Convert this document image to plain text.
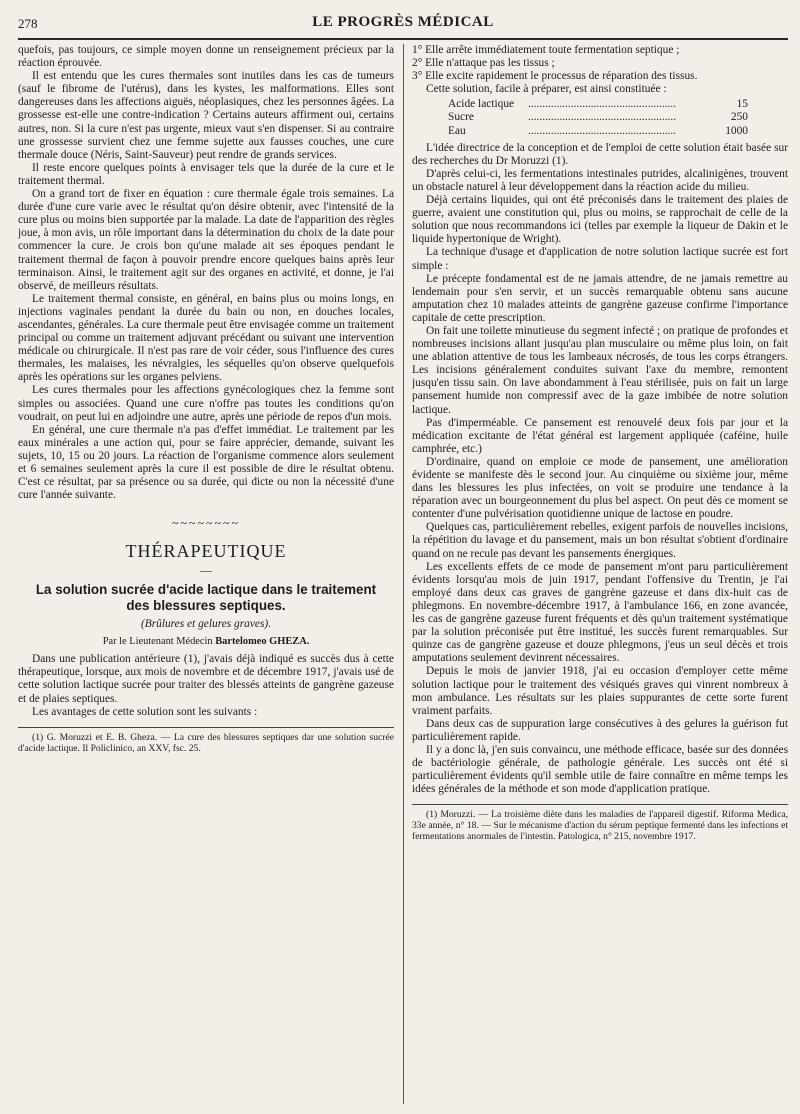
278	LE PROGRÈS MÉDICAL

quefois, pas toujours, ce simple moyen donne un renseignement précieux par la réaction éprouvée.

Il est entendu que les cures thermales sont inutiles dans les cas de tumeurs (sauf le fibrome de l'utérus), dans les kystes, les malformations. Elles sont dangereuses dans les affections aiguës, néoplasiques, chez les personnes âgées. La grossesse est-elle une contre-indication ? Certains auteurs affirment oui, certains autres, non. Si la cure n'est pas urgente, mieux vaut s'en dispenser. Si au contraire une grossesse survient chez une femme sujette aux fausses couches, une cure thermale douce (Néris, Saint-Sauveur) peut rendre de grands services.

Il reste encore quelques points à envisager tels que la durée de la cure et le traitement thermal.

On a grand tort de fixer en équation : cure thermale égale trois semaines. La durée d'une cure varie avec le résultat qu'on désire obtenir, avec l'intensité de la cure plus ou moins bien supportée par la malade. La date de l'apparition des règles joue, à mon avis, un rôle important dans la détermination du choix de la date pour commencer la cure. Je crois bon qu'une malade ait ses époques pendant le traitement thermal de façon à pouvoir prendre encore quelques bains après leur terminaison. Ainsi, le traitement agit sur des organes en activité, et donne, je l'ai observé, de meilleurs résultats.

Le traitement thermal consiste, en général, en bains plus ou moins longs, en injections vaginales pendant la durée du bain ou non, en douches locales, ascendantes, générales. La cure thermale peut être envisagée comme un traitement principal ou comme un traitement adjuvant précédant ou suivant une intervention médicale ou chirurgicale. Il n'est pas rare de voir céder, sous l'influence des cures thermales, les malaises, les névralgies, les séquelles qu'on observe quelquefois après les opérations sur les organes pelviens.

Les cures thermales pour les affections gynécologiques chez la femme sont simples ou associées. Quand une cure n'offre pas toutes les conditions qu'on voudrait, on peut lui en adjoindre une autre, après une période de repos d'un mois.

En général, une cure thermale n'a pas d'effet immédiat. Le traitement par les eaux minérales a une action qui, pour se faire apprécier, demande, suivant les sujets, 10, 15 ou 20 jours. La réaction de l'organisme commence alors seulement et 6 semaines seulement après la cure il est possible de dire le résultat obtenu. C'est ce résultat, par sa présence ou sa durée, qui dicte ou non la nécessité d'une cure l'année suivante.

~~~~~~~~
THÉRAPEUTIQUE
—
La solution sucrée d'acide lactique dans le traitement des blessures septiques.
(Brûlures et gelures graves).
Par le Lieutenant Médecin Bartelomeo GHEZA.

Dans une publication antérieure (1), j'avais déjà indiqué es succès dus à cette thérapeutique, lorsque, aux mois de novembre et de décembre 1917, j'avais usé de cette solution lactique sucrée pour traiter des blessés atteints de gangrène gazeuse et de plaies septiques.

Les avantages de cette solution sont les suivants :

(1) G. Moruzzi et E. B. Gheza. — La cure des blessures septiques dar une solution sucrée d'acide lactique. Il Policlinico, an XXV, fsc. 25.

1° Elle arrête immédiatement toute fermentation septique ;
2° Elle n'attaque pas les tissus ;
3° Elle excite rapidement le processus de réparation des tissus.

Cette solution, facile à préparer, est ainsi constituée :

Acide lactique	....................................................	15
Sucre	....................................................	250
Eau	....................................................	1000

L'idée directrice de la conception et de l'emploi de cette solution était basée sur des recherches du Dr Moruzzi (1).

D'après celui-ci, les fermentations intestinales putrides, alcalinigènes, trouvent un obstacle naturel à leur développement dans la réaction acide du milieu.

Déjà certains liquides, qui ont été préconisés dans le traitement des plaies de guerre, avaient une constitution qui, plus ou moins, se rapprochait de celle de la solution que nous recommandons ici (telles par exemple la liqueur de Dakin et le liquide hypertonique de Wright).

La technique d'usage et d'application de notre solution lactique sucrée est fort simple :

Le précepte fondamental est de ne jamais attendre, de ne jamais remettre au lendemain pour s'en servir, et un succès remarquable obtenu sans aucune amputation chez 10 malades atteints de gangrène gazeuse confirme l'importance capitale de cette prescription.

On fait une toilette minutieuse du segment infecté ; on pratique de profondes et nombreuses incisions allant jusqu'au plan musculaire ou même plus loin, on fait une ablation attentive de tous les lambeaux nécrosés, de tous les corps étrangers. Les incisions généralement conduites suivant l'axe du membre, remontent jusqu'en tissu sain. On lave abondamment à l'eau stérilisée, puis on fait un large pansement humide non compressif avec de la gaze imbibée de notre solution lactique.

Pas d'imperméable. Ce pansement est renouvelé deux fois par jour et la médication excitante de l'état général est largement appliquée (caféine, huile camphrée, etc.)

D'ordinaire, quand on emploie ce mode de pansement, une amélioration évidente se manifeste dès le second jour. Au cinquième ou sixième jour, même dans les blessures les plus infectées, on voit se produire une tendance à la réparation avec un bourgeonnement du plus bel aspect. On peut dès ce moment se contenter d'une pulvérisation quotidienne unique de lactose en poudre.

Quelques cas, particulièrement rebelles, exigent parfois de nouvelles incisions, la répétition du lavage et du pansement, mais un bon résultat s'obtient d'ordinaire quand on ne recule pas devant les pansements énergiques.

Les excellents effets de ce mode de pansement m'ont paru particulièrement évidents lorsqu'au mois de juin 1917, pendant l'offensive du Trentin, je l'ai employé dans deux cas graves de gangrène gazeuse et dans dix-huit cas de phlegmons. En novembre-décembre 1917, à l'ambulance 166, en zone avancée, les cas de gangrène gazeuse furent fréquents et dès qu'un traitement systématique par la solution préconisée put être institué, les succès furent remarquables. Sur quinze cas de gangrène gazeuse et douze phlegmons, j'eus un seul décès et trois amputations seulement devinrent nécessaires.

Depuis le mois de janvier 1918, j'ai eu occasion d'employer cette même solution lactique pour le traitement des vésiqués graves qui vinrent nombreux à mon ambulance. Les résultats sur les plaies suppurantes de cette sorte furent vraiment parfaits.

Dans deux cas de suppuration large consécutives à des gelures la guérison fut particulièrement rapide.

Il y a donc là, j'en suis convaincu, une méthode efficace, basée sur des données de bactériologie générale, de pathologie générale. Les succès ont été si particulièrement évidents qu'il semble utile de faire connaître en même temps les idées générales de la méthode et son mode d'application pratique.

(1) Moruzzi. — La troisième diète dans les maladies de l'appareil digestif. Riforma Medica, 33e année, n° 18. — Sur le mécanisme d'action du sérum peptique fermenté dans les infections et fermentations anormales de l'intestin. Patologica, n° 215, novembre 1917.
